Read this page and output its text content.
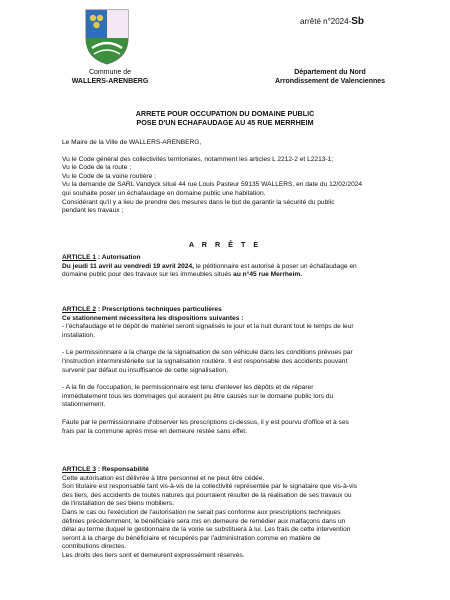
arrêté n°2024-Sb
Commune de
WALLERS-ARENBERG
Département du Nord
Arrondissement de Valenciennes
ARRETE POUR OCCUPATION DU DOMAINE PUBLIC
POSE D'UN ECHAFAUDAGE AU 45 RUE MERRHEIM
Le Maire de la Ville de WALLERS-ARENBERG,
Vu le Code général des collectivités territoriales, notamment les articles L 2212-2 et L2213-1;
Vu le Code de la route ;
Vu le Code de la voirie routière ;
Vu la demande de SARL Vandyck situé 44 rue Louis Pasteur 59135 WALLERS, en date du 12/02/2024
qui souhaite poser un échafaudage en domaine public une habitation.
Considérant qu'il y a lieu de prendre des mesures dans le but de garantir la sécurité du public
pendant les travaux ;
A R R Ê T E
ARTICLE 1 : Autorisation
Du jeudi 11 avril au vendredi 19 avril 2024, le pétitionnaire est autorisé à poser un échafaudage en
domaine public pour des travaux sur les immeubles situés au n°45 rue Merrheim.
ARTICLE 2 : Prescriptions techniques particulières
Ce stationnement nécessitera les dispositions suivantes :
- l'échafaudage et le dépôt de matériel seront signalisés le jour et la nuit durant tout le temps de leur
installation,
- Le permissionnaire a la charge de la signalisation de son véhicule dans les conditions prévues par
l'instruction interministérielle sur la signalisation routière. Il est responsable des accidents pouvant
survenir par défaut ou insuffisance de cette signalisation,
- A la fin de l'occupation, le permissionnaire est tenu d'enlever les dépôts et de réparer
immédiatement tous les dommages qui auraient pu être causés sur le domaine public lors du
stationnement.
Faute par le permissionnaire d'observer les prescriptions ci-dessus, il y est pourvu d'office et à ses
frais par la commune après mise en demeure restée sans effet.
ARTICLE 3 : Responsabilité
Cette autorisation est délivrée à titre personnel et ne peut être cédée.
Son titulaire est responsable tant vis-à-vis de la collectivité représentée par le signataire que vis-à-vis
des tiers, des accidents de toutes natures qui pourraient résulter de la réalisation de ses travaux ou
de l'installation de ses biens mobiliers.
Dans le cas ou l'exécution de l'autorisation ne serait pas conforme aux prescriptions techniques
définies précédemment, le bénéficiaire sera mis en demeure de remédier aux malfaçons dans un
délai au terme duquel le gestionnaire de la voirie se substituera à lui. Les frais de cette intervention
seront à la charge du bénéficiaire et récupérés par l'administration comme en matière de
contributions directes.
Les droits des tiers sont et demeurent expressément réservés.
